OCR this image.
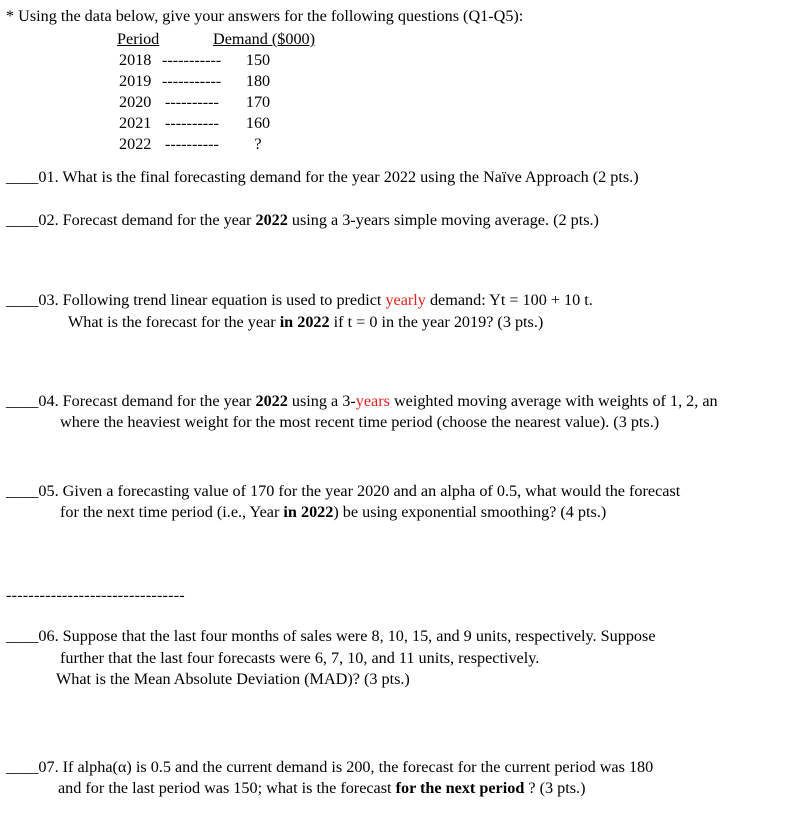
* Using the data below, give your answers for the following questions (Q1-Q5):
Period	Demand ($000)
2018 -----------	150
2019 -----------	180
2020 ----------	170
2021 ----------	160
2022 ----------	?
____01. What is the final forecasting demand for the year 2022 using the Naïve Approach (2 pts.)
____02. Forecast demand for the year 2022 using a 3-years simple moving average. (2 pts.)
____03. Following trend linear equation is used to predict yearly demand: Yt = 100 + 10 t.
What is the forecast for the year in 2022 if t = 0 in the year 2019? (3 pts.)
____04. Forecast demand for the year 2022 using a 3-years weighted moving average with weights of 1, 2, an
where the heaviest weight for the most recent time period (choose the nearest value). (3 pts.)
____05. Given a forecasting value of 170 for the year 2020 and an alpha of 0.5, what would the forecast
for the next time period (i.e., Year in 2022) be using exponential smoothing? (4 pts.)
--------------------------------
____06. Suppose that the last four months of sales were 8, 10, 15, and 9 units, respectively. Suppose
further that the last four forecasts were 6, 7, 10, and 11 units, respectively.
What is the Mean Absolute Deviation (MAD)? (3 pts.)
____07. If alpha(α) is 0.5 and the current demand is 200, the forecast for the current period was 180
and for the last period was 150; what is the forecast for the next period ? (3 pts.)
